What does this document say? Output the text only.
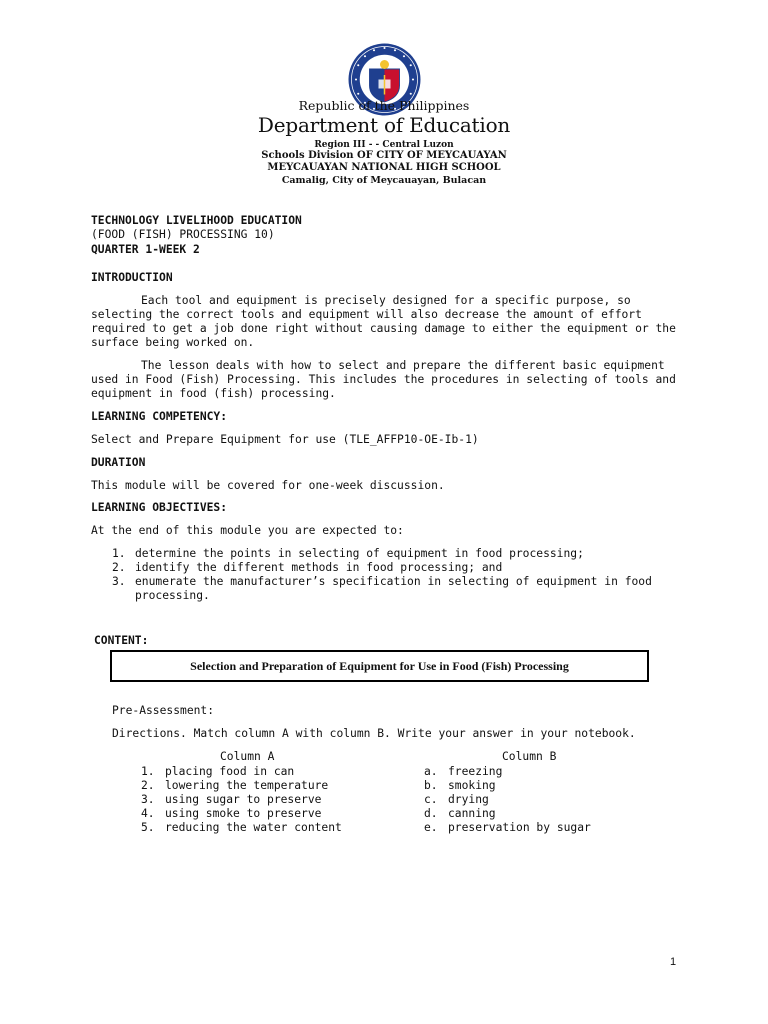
Republic of the Philippines
Department of Education
Region III - - Central Luzon
Schools Division OF CITY OF MEYCAUAYAN
MEYCAUAYAN NATIONAL HIGH SCHOOL
Camalig, City of Meycauayan, Bulacan
TECHNOLOGY LIVELIHOOD EDUCATION
(FOOD (FISH) PROCESSING 10)
QUARTER 1-WEEK 2
INTRODUCTION
Each tool and equipment is precisely designed for a specific purpose, so
selecting the correct tools and equipment will also decrease the amount of effort
required to get a job done right without causing damage to either the equipment or the
surface being worked on.
The lesson deals with how to select and prepare the different basic equipment
used in Food (Fish) Processing. This includes the procedures in selecting of tools and
equipment in food (fish) processing.
LEARNING COMPETENCY:
Select and Prepare Equipment for use (TLE_AFFP10-OE-Ib-1)
DURATION
This module will be covered for one-week discussion.
LEARNING OBJECTIVES:
At the end of this module you are expected to:
1. determine the points in selecting of equipment in food processing;
2. identify the different methods in food processing; and
3. enumerate the manufacturer’s specification in selecting of equipment in food
processing.
CONTENT:
Selection and Preparation of Equipment for Use in Food (Fish) Processing
Pre-Assessment:
Directions. Match column A with column B. Write your answer in your notebook.
Column A	Column B
1. placing food in can
2. lowering the temperature
3. using sugar to preserve
4. using smoke to preserve
5. reducing the water content
a. freezing
b. smoking
c. drying
d. canning
e. preservation by sugar
1
